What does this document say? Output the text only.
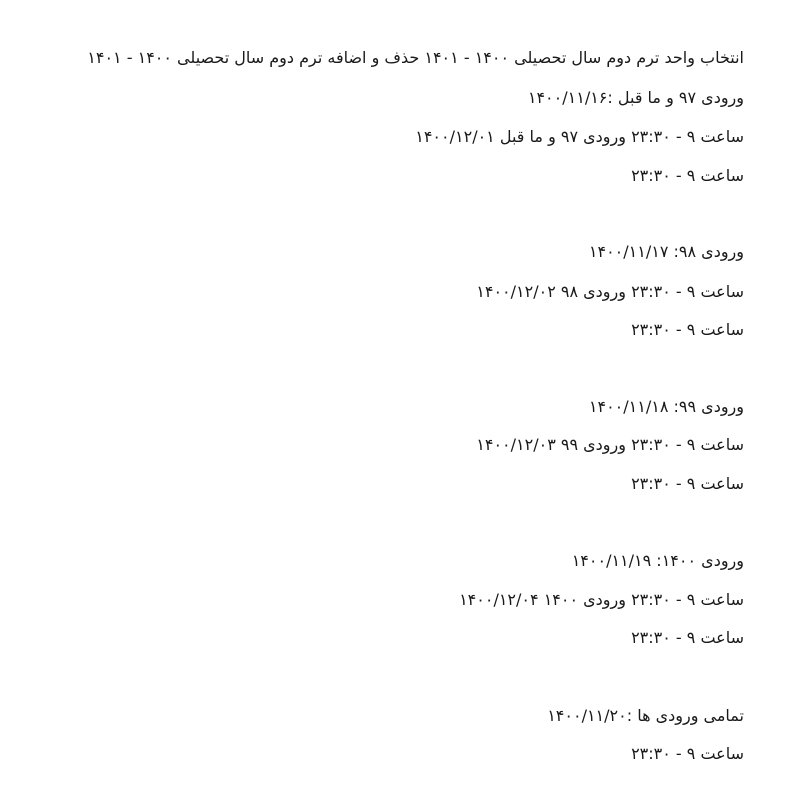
انتخاب واحد ترم دوم سال تحصیلی ۱۴۰۰ - ۱۴۰۱ حذف و اضافه ترم دوم سال تحصیلی ۱۴۰۰ - ۱۴۰۱
ورودی ۹۷ و ما قبل :۱۴۰۰/۱۱/۱۶
ساعت ۹ - ۲۳:۳۰ ورودی ۹۷ و ما قبل ۱۴۰۰/۱۲/۰۱
ساعت ۹ - ۲۳:۳۰
ورودی ۹۸: ۱۴۰۰/۱۱/۱۷
ساعت ۹ - ۲۳:۳۰ ورودی ۹۸ ۱۴۰۰/۱۲/۰۲
ساعت ۹ - ۲۳:۳۰
ورودی ۹۹: ۱۴۰۰/۱۱/۱۸
ساعت ۹ - ۲۳:۳۰ ورودی ۹۹ ۱۴۰۰/۱۲/۰۳
ساعت ۹ - ۲۳:۳۰
ورودی ۱۴۰۰: ۱۴۰۰/۱۱/۱۹
ساعت ۹ - ۲۳:۳۰ ورودی ۱۴۰۰ ۱۴۰۰/۱۲/۰۴
ساعت ۹ - ۲۳:۳۰
تمامی ورودی ها :۱۴۰۰/۱۱/۲۰
ساعت ۹ - ۲۳:۳۰
